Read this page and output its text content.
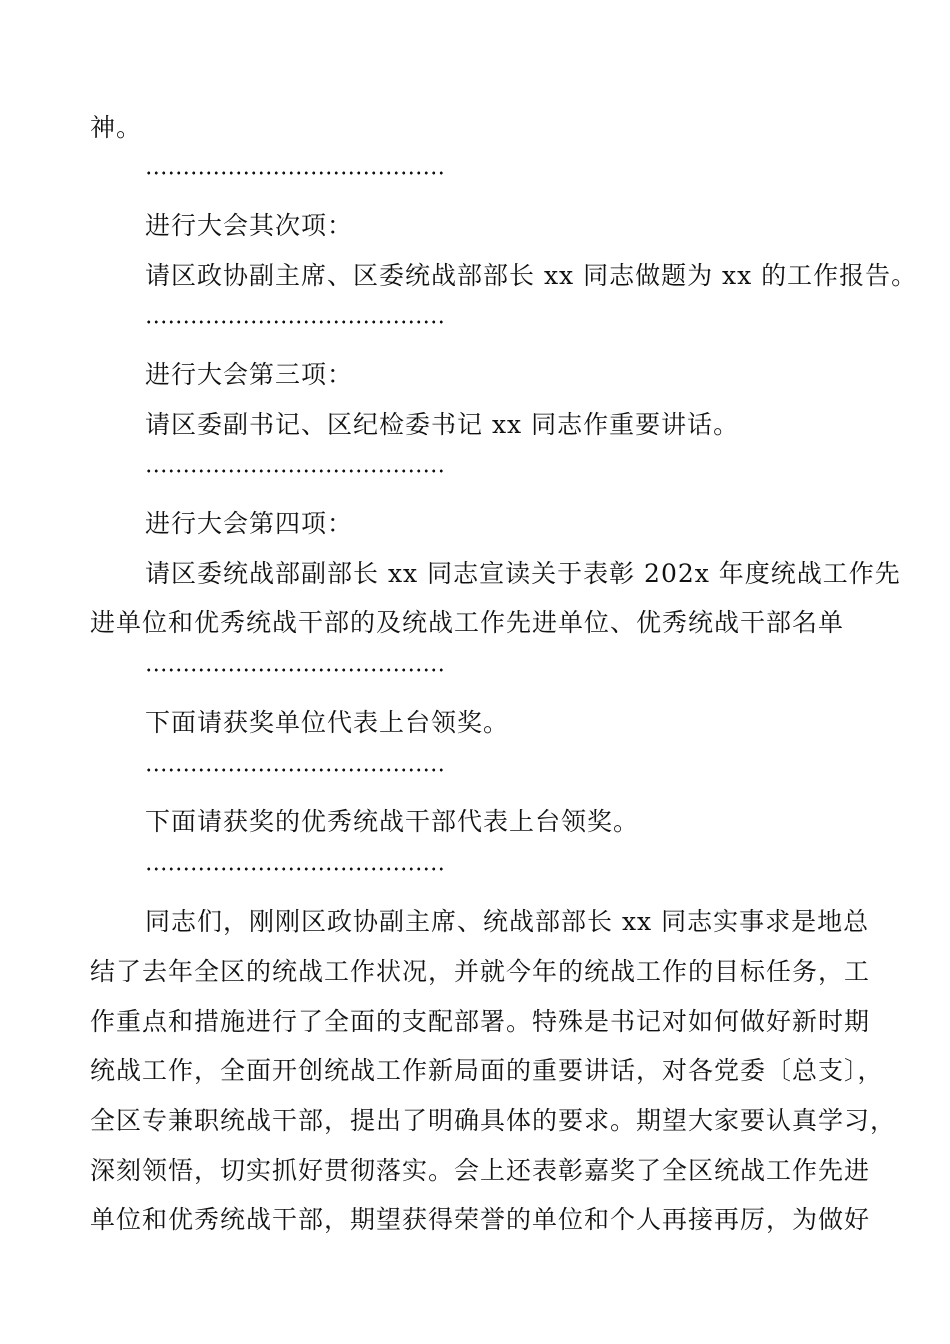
神。
进行大会其次项：
请区政协副主席、区委统战部部长 xx 同志做题为 xx 的工作报告。
进行大会第三项：
请区委副书记、区纪检委书记 xx 同志作重要讲话。
进行大会第四项：
请区委统战部副部长 xx 同志宣读关于表彰 202x 年度统战工作先
进单位和优秀统战干部的及统战工作先进单位、优秀统战干部名单
下面请获奖单位代表上台领奖。
下面请获奖的优秀统战干部代表上台领奖。
同志们，刚刚区政协副主席、统战部部长 xx 同志实事求是地总
结了去年全区的统战工作状况，并就今年的统战工作的目标任务，工
作重点和措施进行了全面的支配部署。特殊是书记对如何做好新时期
统战工作，全面开创统战工作新局面的重要讲话，对各党委〔总支〕，
全区专兼职统战干部，提出了明确具体的要求。期望大家要认真学习，
深刻领悟，切实抓好贯彻落实。会上还表彰嘉奖了全区统战工作先进
单位和优秀统战干部，期望获得荣誉的单位和个人再接再厉，为做好
